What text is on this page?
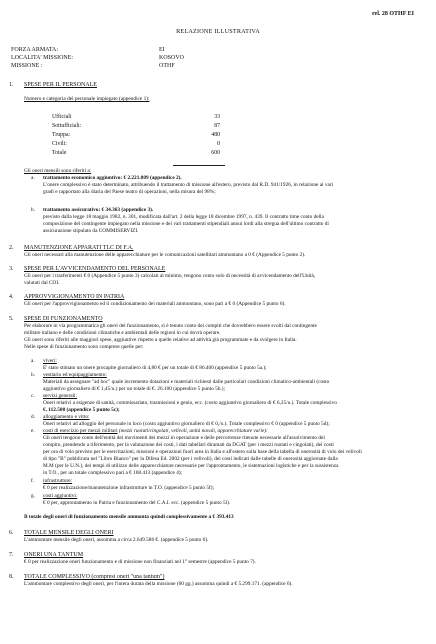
rel. 28 OTHF EI
RELAZIONE ILLUSTRATIVA
FORZA ARMATA:	EI
LOCALITA' MISSIONE:	KOSOVO
MISSIONE :	OTHF
1. SPESE PER IL PERSONALE
Numero e categoria del personale impiegato (appendice 1):
Ufficiali	33
Sottufficiali:	87
Truppa:	480
Civili:	0
Totale	600
Gli oneri mensili sono riferiti a:
a. trattamento economico aggiuntivo: € 2.221.809 (appendice 2).
L'onere complessivo è stato determinato, attribuendo il trattamento di missione all'estero, previsto dal R.D. 941/1926, in relazione ai vari
gradi e rapportato alla diaria del Paese teatro di operazioni, nella misura del 98%;
b. trattamento assicurativo: € 34.363 (appendice 3).
previsto dalla legge 18 maggio 1982, n. 301, modificata dall'art. 2 della legge 18 dicembre 1997, n. 439. Il contratto time conto della
composizione del contingente impiegato nella missione e dei vari trattamenti stipendiali annui lordi alla stregua dell'ultimo contratto di
assicurazione stipulato da COMMISERVIZI.
2. MANUTENZIONE APPARATI TLC DI F.A.
Gli oneri necessari alla manutenzione delle apparecchiature per le comunicazioni satellitari ammontano a 0 € (Appendice 5 punto 2).
3. SPESE PER L'AVVICENDAMENTO DEL PERSONALE
Gli oneri per i trasferimenti € 0 (Appendice 5 punto 3) calcolati al minimo, tengono conto solo di necessità di avvicendamento dell'Unità,
valutati dal COI.
4. APPROVVIGIONAMENTO IN PATRIA
Gli oneri per l'approvvigionamento ed il condizionamento dei materiali ammontano, sono pari a € 0 (Appendice 5 punto 6).
5. SPESE DI FUNZIONAMENTO
Per elaborare in via programmatica gli oneri del funzionamento, si è tenuto conto dei compiti che dovrebbero essere svolti dal contingente
militare italiano e delle condizioni climatiche e ambientali delle regioni in cui dovrà operare.
Gli oneri sono riferiti alle maggiori spese, aggiuntive rispetto a quelle relative ad attività già programmate e da svolgere in Italia.
Nelle spese di funzionamento sono comprese quelle per:
a. viveri:
E' stato stimato un onere procapite giornaliero di 4,80 € per un totale di € 86.400 (appendice 5 punto 5a.);
b. vestiario ed equipaggiamento:
Materiali da assegnare "ad hoc" quale incremento dotazioni e materiali richiesti dalle particolari condizioni climatico-ambientali (costo
aggiuntivo giornaliero di € 1,45/u.) per un totale di €. 26.100 (appendice 5 punto 5b.);
c. servizi generali:
Oneri relativi a esigenze di sanità, commissariato, trasmissioni e genio, ecc. (costo aggiuntivo giornaliero di € 6,25/u.). Totale complessivo
€. 112.500 (appendice 5 punto 5c);
d. alloggiamento e vitto:
Oneri relativi ad alloggio del personale in loco (costo aggiuntivo giornaliero di € 0,/u.). Totale complessivo € 0 (appendice 5 punto 5d);
e. costi di esercizio per mezzi militari (mezzi ruotati/cingolati, velivoli, unità navali, apparecchiature varie):
Gli oneri tengono conto dell'entità dei movimenti dei mezzi in operazione e delle percorrenze ritenute necessarie all'assolvimento del
compito, prendendo a riferimento, per la valutazione dei costi, i dati tabellari diramati da DGAT (per i mezzi ruotati e cingolati), dei costi
per ora di volo previsto per le esercitazioni, missioni e operazioni fuori area in Italia e all'estero sulla base della tabella di onerosità di volo dei velivoli
di tipo "B" pubblicata nel "Libro Bianco" per la Difesa Ed. 2002 (per i velivoli), dei costi indicati dalle tabelle di onerosità aggiornate dalla
M.M (per le U.N.), dei tempi di utilizzo delle apparecchiature necessarie per l'approntamento, le sistemazioni logistiche e per la sussistenza
in T.O., per un totale complessivo pari a € 168.413 (appendice 4);
f. infrastrutture:
€ 0 per realizzazione/manutenzione infrastrutture in T.O. (appendice 5 punto 5f);
g. costi aggiuntivi:
€ 0 per, approntamento in Patria e funzionamento del C.A.I. ecc. (appendice 5 punto 5l).
Il totale degli oneri di funzionamento mensile ammonta quindi complessivamente a € 393.413
6. TOTALE MENSILE DEGLI ONERI
L'ammontare mensile degli oneri, assomma a circa 2.649.586 €. (appendice 5 punto 6).
7. ONERI UNA TANTUM
€ 0 per realizzazione oneri funzionamento e di missione non finanziati nel 1° semestre (appendice 5 punto 7).
8. TOTALE COMPLESSIVO (compresi oneri "una tantum")
L'ammontare complessivo degli oneri, per l'intera durata della missione (60 gg.) assomma quindi a € 5.299.171. (appendice 6).
